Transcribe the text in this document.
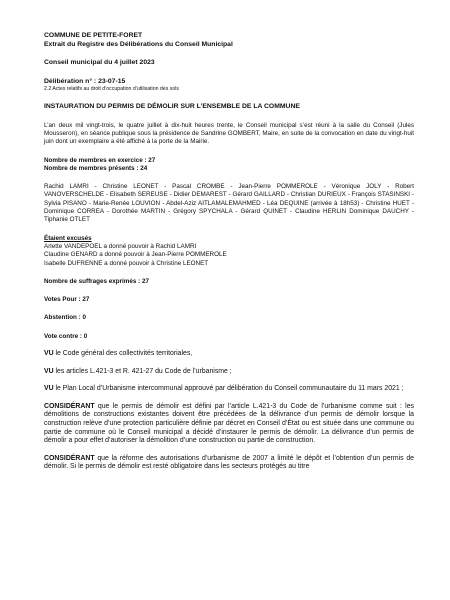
COMMUNE DE PETITE-FORET
Extrait du Registre des Délibérations du Conseil Municipal
Conseil municipal du 4 juillet 2023
Délibération n° : 23-07-15
2.2 Actes relatifs au droit d’occupation d’utilisation des sols
INSTAURATION DU PERMIS DE DÉMOLIR SUR L’ENSEMBLE DE LA COMMUNE
L’an deux mil vingt-trois, le quatre juillet à dix-huit heures trente, le Conseil municipal s’est réuni à la salle du Conseil (Jules Mousseron), en séance publique sous la présidence de Sandrine GOMBERT, Maire, en suite de la convocation en date du vingt-huit juin dont un exemplaire a été affiché à la porte de la Mairie.
Nombre de membres en exercice : 27
Nombre de membres présents : 24
Rachid LAMRI - Christine LEONET - Pascal CROMBE - Jean-Pierre POMMEROLE - Véronique JOLY - Robert VANOVERSCHELDE - Elisabeth SEREUSE - Didier DEMAREST - Gérard GAILLARD - Christian DURIEUX - François STASINSKI - Sylvia PISANO - Marie-Renée LOUVION - Abdel-Aziz AITLAMALEMAHMED - Léa DEQUINE (arrivée à 18h53) - Christine HUET - Dominique CORREA - Dorothée MARTIN - Grégory SPYCHALA - Gérard QUINET - Claudine HERLIN Dominique DAUCHY - Tiphanie OTLET
Étaient excusés
Arlette VANDEPOEL a donné pouvoir à Rachid LAMRI
Claudine GENARD a donné pouvoir à Jean-Pierre POMMEROLE
Isabelle DUFRENNE a donné pouvoir à Christine LEONET
Nombre de suffrages exprimés : 27
Votes Pour : 27
Abstention : 0
Vote contre : 0
VU le Code général des collectivités territoriales,
VU les articles L.421-3 et R. 421-27 du Code de l’urbanisme ;
VU le Plan Local d’Urbanisme intercommunal approuvé par délibération du Conseil communautaire du 11 mars 2021 ;
CONSIDÉRANT que le permis de démolir est défini par l’article L.421-3 du Code de l’urbanisme comme suit : les démolitions de constructions existantes doivent être précédées de la délivrance d’un permis de démolir lorsque la construction relève d’une protection particulière définie par décret en Conseil d’État ou est située dans une commune ou partie de commune où le Conseil municipal a décidé d’instaurer le permis de démolir. La délivrance d’un permis de démolir a pour effet d’autoriser la démolition d’une construction ou partie de construction.
CONSIDÉRANT que la réforme des autorisations d’urbanisme de 2007 a limité le dépôt et l’obtention d’un permis de démolir. Si le permis de démolir est resté obligatoire dans les secteurs protégés au titre
